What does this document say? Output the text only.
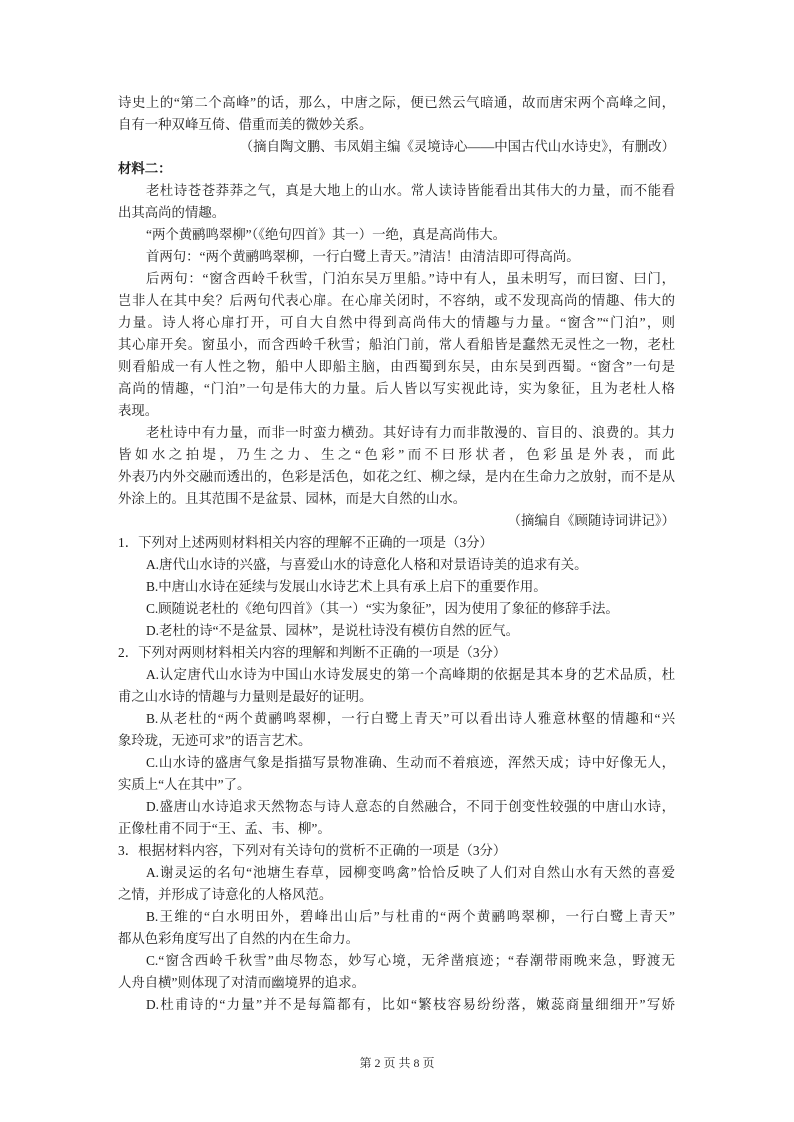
诗史上的“第二个高峰”的话，那么，中唐之际，便已然云气暗通，故而唐宋两个高峰之间，
自有一种双峰互倚、借重而美的微妙关系。
（摘自陶文鹏、韦凤娟主编《灵境诗心——中国古代山水诗史》，有删改）
材料二：
老杜诗苍苍莽莽之气，真是大地上的山水。常人读诗皆能看出其伟大的力量，而不能看
出其高尚的情趣。
“两个黄鹂鸣翠柳”（《绝句四首》其一）一绝，真是高尚伟大。
首两句：“两个黄鹂鸣翠柳，一行白鹭上青天。”清洁！由清洁即可得高尚。
后两句：“窗含西岭千秋雪，门泊东吴万里船。”诗中有人，虽未明写，而曰窗、曰门，
岂非人在其中矣？后两句代表心扉。在心扉关闭时，不容纳，或不发现高尚的情趣、伟大的
力量。诗人将心扉打开，可自大自然中得到高尚伟大的情趣与力量。“窗含”“门泊”，则
其心扉开矣。窗虽小，而含西岭千秋雪；船泊门前，常人看船皆是蠢然无灵性之一物，老杜
则看船成一有人性之物，船中人即船主脑，由西蜀到东吴，由东吴到西蜀。“窗含”一句是
高尚的情趣，“门泊”一句是伟大的力量。后人皆以写实视此诗，实为象征，且为老杜人格
表现。
老杜诗中有力量，而非一时蛮力横劲。其好诗有力而非散漫的、盲目的、浪费的。其力
皆如水之拍堤，乃生之力、生之“色彩”而不曰形状者，色彩虽是外表，而此
外表乃内外交融而透出的，色彩是活色，如花之红、柳之绿，是内在生命力之放射，而不是从
外涂上的。且其范围不是盆景、园林，而是大自然的山水。
（摘编自《顾随诗词讲记》）
1．下列对上述两则材料相关内容的理解不正确的一项是（3分）
A.唐代山水诗的兴盛，与喜爱山水的诗意化人格和对景语诗美的追求有关。
B.中唐山水诗在延续与发展山水诗艺术上具有承上启下的重要作用。
C.顾随说老杜的《绝句四首》（其一）“实为象征”，因为使用了象征的修辞手法。
D.老杜的诗“不是盆景、园林”，是说杜诗没有模仿自然的匠气。
2．下列对两则材料相关内容的理解和判断不正确的一项是（3分）
A.认定唐代山水诗为中国山水诗发展史的第一个高峰期的依据是其本身的艺术品质，杜
甫之山水诗的情趣与力量则是最好的证明。
B.从老杜的“两个黄鹂鸣翠柳，一行白鹭上青天”可以看出诗人雅意林壑的情趣和“兴
象玲珑，无迹可求”的语言艺术。
C.山水诗的盛唐气象是指描写景物准确、生动而不着痕迹，浑然天成；诗中好像无人，
实质上“人在其中”了。
D.盛唐山水诗追求天然物态与诗人意态的自然融合，不同于创变性较强的中唐山水诗，
正像杜甫不同于“王、孟、韦、柳”。
3．根据材料内容，下列对有关诗句的赏析不正确的一项是（3分）
A.谢灵运的名句“池塘生春草，园柳变鸣禽”恰恰反映了人们对自然山水有天然的喜爱
之情，并形成了诗意化的人格风范。
B.王维的“白水明田外，碧峰出山后”与杜甫的“两个黄鹂鸣翠柳，一行白鹭上青天”
都从色彩角度写出了自然的内在生命力。
C.“窗含西岭千秋雪”曲尽物态，妙写心境，无斧凿痕迹；“春潮带雨晚来急，野渡无
人舟自横”则体现了对清而幽境界的追求。
D.杜甫诗的“力量”并不是每篇都有，比如“繁枝容易纷纷落，嫩蕊商量细细开”写娇
第 2 页 共 8 页
